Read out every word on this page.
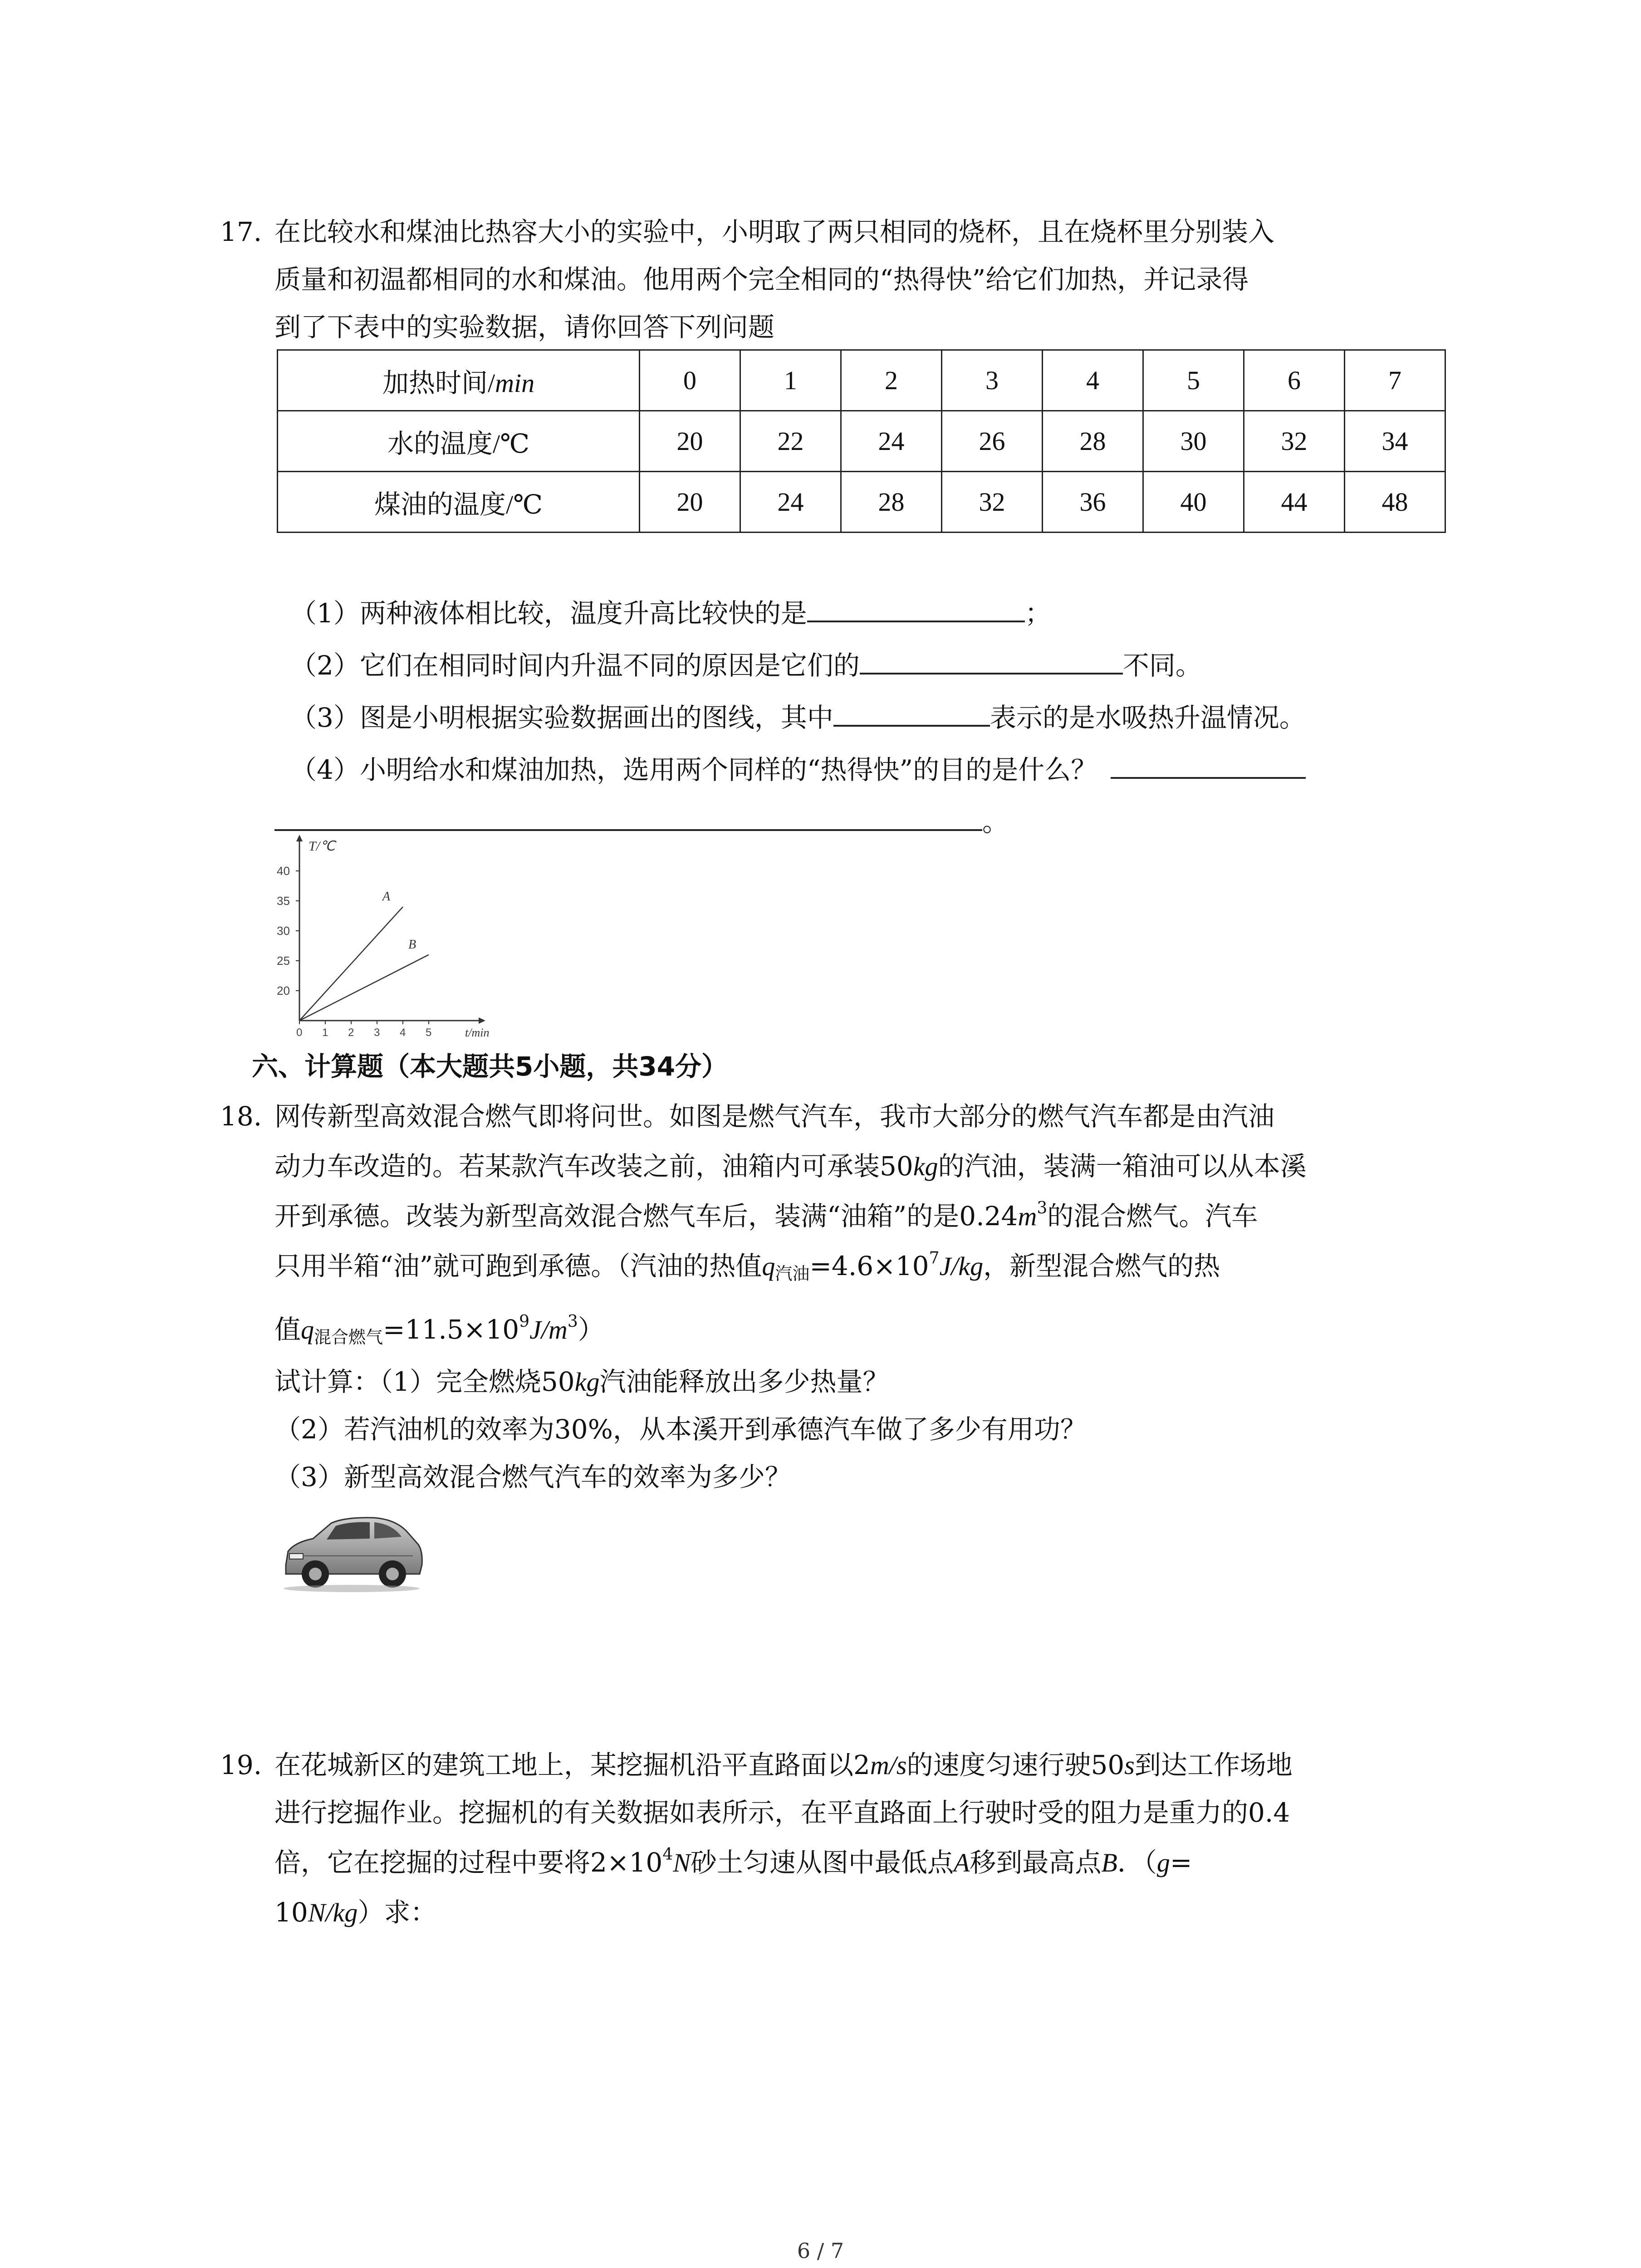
17. 在比较水和煤油比热容大小的实验中，小明取了两只相同的烧杯，且在烧杯里分别装入
质量和初温都相同的水和煤油。他用两个完全相同的“热得快”给它们加热，并记录得
到了下表中的实验数据，请你回答下列问题
加热时间/min	0	1	2	3	4	5	6	7
水的温度/℃	20	22	24	26	28	30	32	34
煤油的温度/℃	20	24	28	32	36	40	44	48
（1）两种液体相比较，温度升高比较快的是	；
（2）它们在相同时间内升温不同的原因是它们的	不同。
（3）图是小明根据实验数据画出的图线，其中	表示的是水吸热升温情况。
（4）小明给水和煤油加热，选用两个同样的“热得快”的目的是什么？
。
T/℃
t/min
40
35
30
25
20
0 1 2 3 4 5
A
B
六、计算题（本大题共5小题，共34分）
18. 网传新型高效混合燃气即将问世。如图是燃气汽车，我市大部分的燃气汽车都是由汽油
动力车改造的。若某款汽车改装之前，油箱内可承装50kg的汽油，装满一箱油可以从本溪
开到承德。改装为新型高效混合燃气车后，装满“油箱”的是$0.24m^3$的混合燃气。汽车
只用半箱“油”就可跑到承德。（汽油的热值$q_{汽油}=4.6\times 10^7J/kg$，新型混合燃气的热
值$q_{混合燃气}=11.5\times 10^9J/m^3$）
试计算：（1）完全燃烧50kg汽油能释放出多少热量？
（2）若汽油机的效率为30%，从本溪开到承德汽车做了多少有用功？
（3）新型高效混合燃气汽车的效率为多少？
19. 在花城新区的建筑工地上，某挖掘机沿平直路面以2m/s的速度匀速行驶50s到达工作场地
进行挖掘作业。挖掘机的有关数据如表所示，在平直路面上行驶时受的阻力是重力的0.4
倍，它在挖掘的过程中要将$2\times 10^4N$砂土匀速从图中最低点A移到最高点B．（g=
10N/kg）求：
6 / 7
